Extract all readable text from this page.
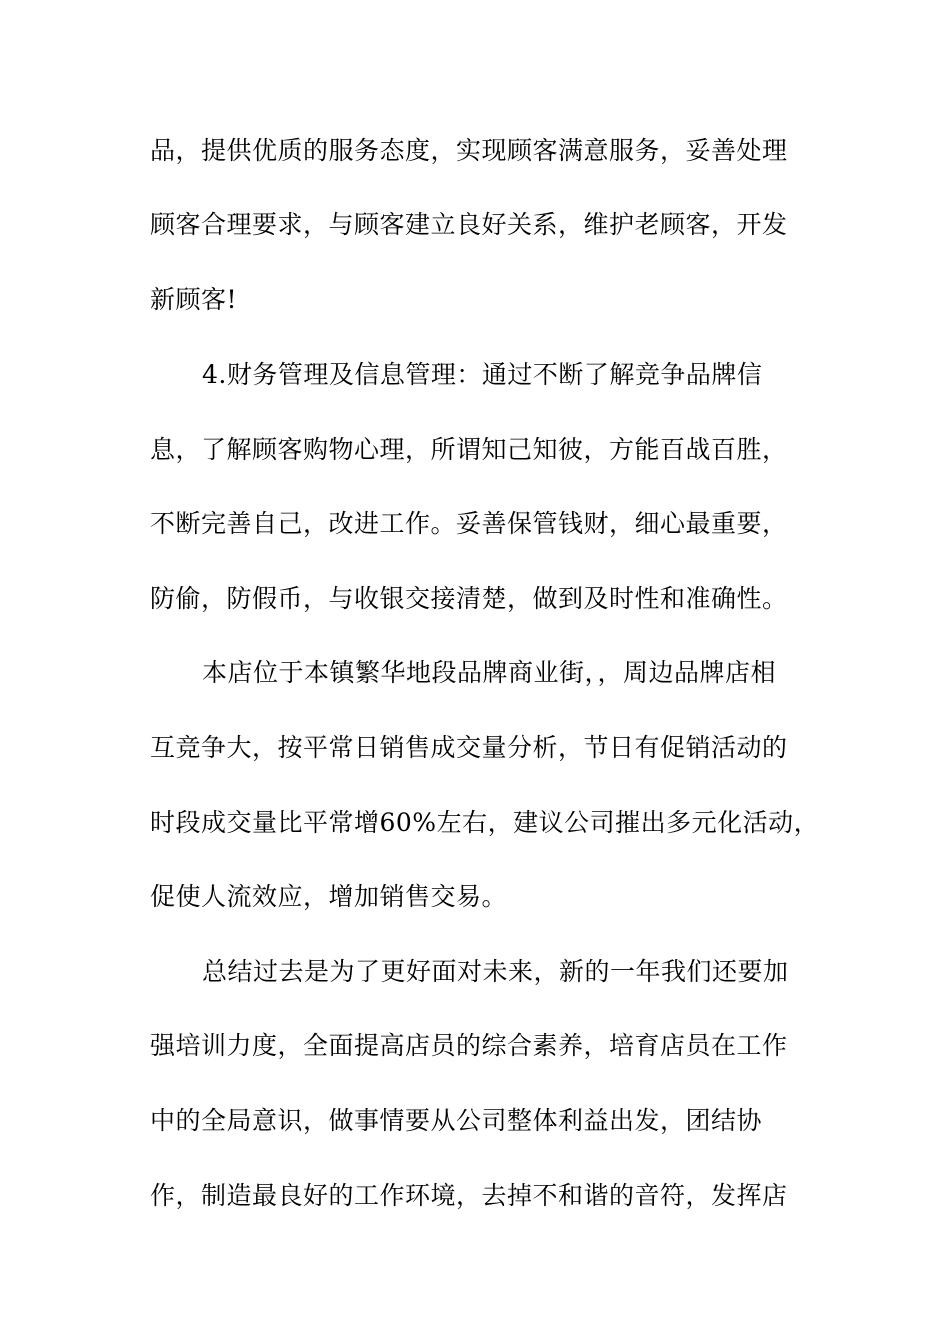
品，提供优质的服务态度，实现顾客满意服务，妥善处理
顾客合理要求，与顾客建立良好关系，维护老顾客，开发
新顾客!
4.财务管理及信息管理：通过不断了解竞争品牌信
息，了解顾客购物心理，所谓知己知彼，方能百战百胜，
不断完善自己，改进工作。妥善保管钱财，细心最重要，
防偷，防假币，与收银交接清楚，做到及时性和准确性。
本店位于本镇繁华地段品牌商业街，，周边品牌店相
互竞争大，按平常日销售成交量分析，节日有促销活动的
时段成交量比平常增60%左右，建议公司摧出多元化活动，
促使人流效应，增加销售交易。
总结过去是为了更好面对未来，新的一年我们还要加
强培训力度，全面提高店员的综合素养，培育店员在工作
中的全局意识，做事情要从公司整体利益出发，团结协
作，制造最良好的工作环境，去掉不和谐的音符，发挥店
